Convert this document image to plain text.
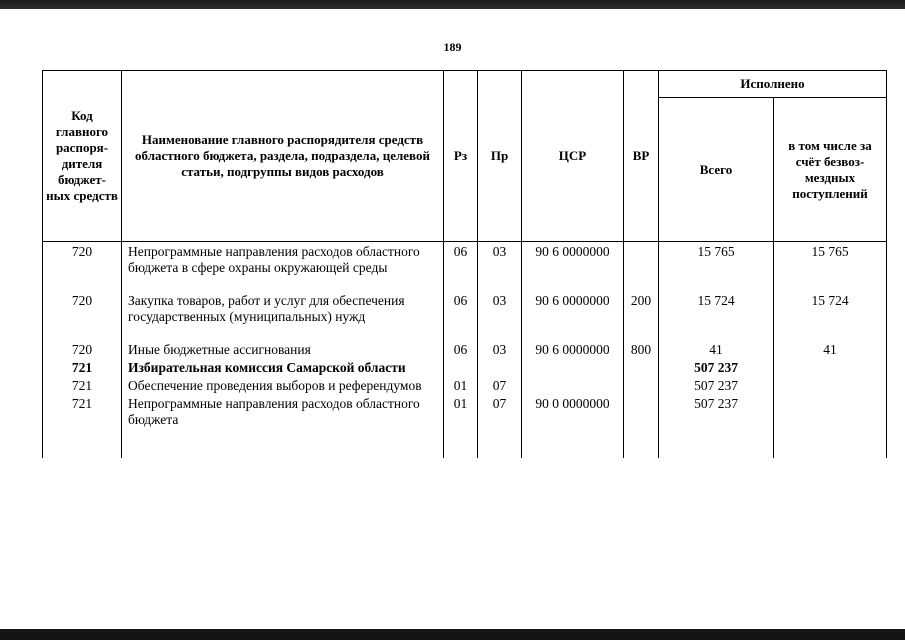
189
Код главного распоря-дителя бюджет-ных средств	Наименование главного распорядителя средств областного бюджета, раздела, подраздела, целевой статьи, подгруппы видов расходов	Рз	Пр	ЦСР	ВР	Исполнено	
						Всего	в том числе за счёт безвоз-мездных поступлений
720	Непрограммные направления расходов областного бюджета в сфере охраны окружающей среды	06	03	90 6 0000000		15 765	15 765
720	Закупка товаров, работ и услуг для обеспечения государственных (муниципальных) нужд	06	03	90 6 0000000	200	15 724	15 724
720	Иные бюджетные ассигнования	06	03	90 6 0000000	800	41	41
721	Избирательная комиссия Самарской области					507 237	
721	Обеспечение проведения выборов и референдумов	01	07			507 237	
721	Непрограммные направления расходов областного бюджета	01	07	90 0 0000000		507 237	
